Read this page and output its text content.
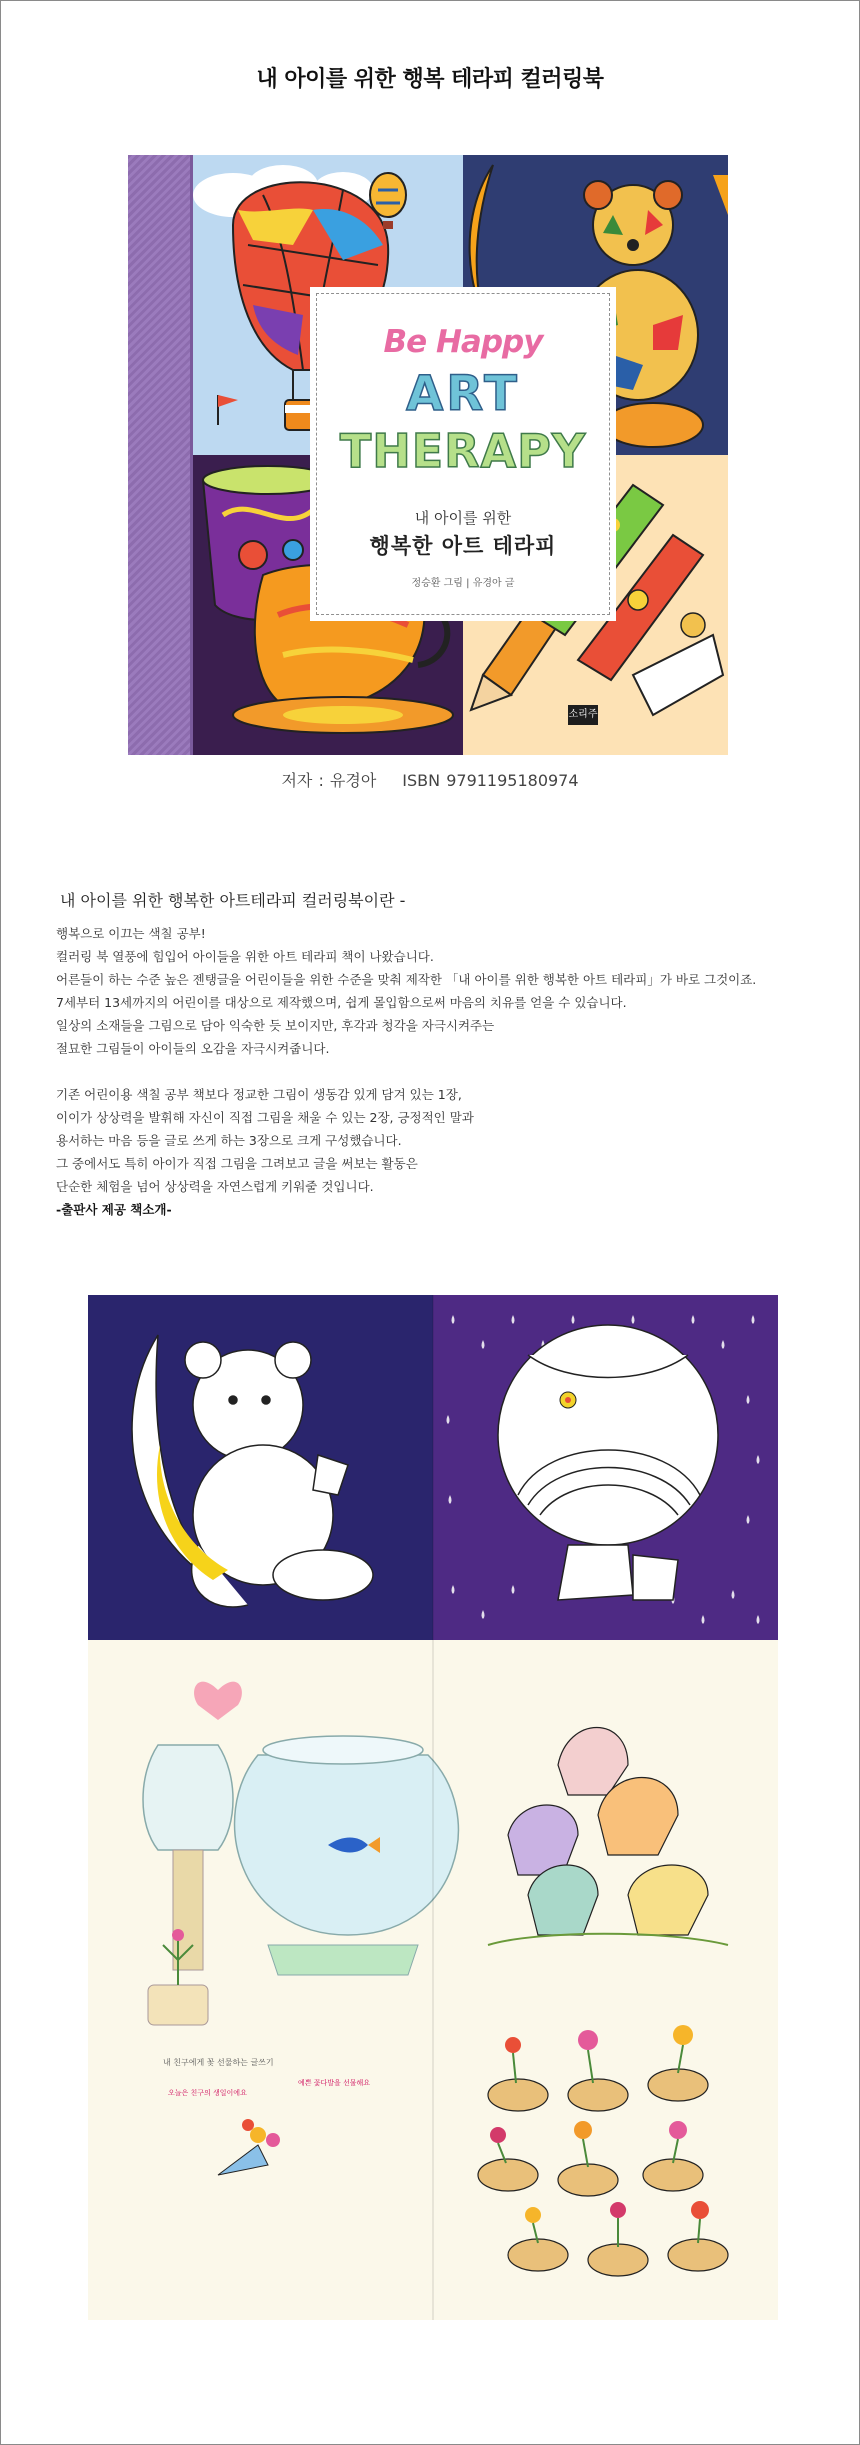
내 아이를 위한 행복 테라피 컬러링북
Be Happy
ART
THERAPY
내 아이를 위한
행복한 아트 테라피
정승환 그림 | 유경아 글
소리주
저자 : 유경아 ISBN 9791195180974
내 아이를 위한 행복한 아트테라피 컬러링북이란 -

행복으로 이끄는 색칠 공부!

컬러링 북 열풍에 힘입어 아이들을 위한 아트 테라피 책이 나왔습니다.

어른들이 하는 수준 높은 젠탱글을 어린이들을 위한 수준을 맞춰 제작한 「내 아이를 위한 행복한 아트 테라피」가 바로 그것이죠.

7세부터 13세까지의 어린이를 대상으로 제작했으며, 쉽게 몰입함으로써 마음의 치유를 얻을 수 있습니다.

일상의 소재들을 그림으로 담아 익숙한 듯 보이지만, 후각과 청각을 자극시켜주는

절묘한 그림들이 아이들의 오감을 자극시켜줍니다.

기존 어린이용 색칠 공부 책보다 정교한 그림이 생동감 있게 담겨 있는 1장,

이이가 상상력을 발휘해 자신이 직접 그림을 채울 수 있는 2장, 긍정적인 말과

용서하는 마음 등을 글로 쓰게 하는 3장으로 크게 구성했습니다.

그 중에서도 특히 아이가 직접 그림을 그려보고 글을 써보는 활동은

단순한 체험을 넘어 상상력을 자연스럽게 키워줄 것입니다.

-출판사 제공 책소개-

내 친구에게 꽃 선물하는 글쓰기
오늘은 친구의 생일이에요
예쁜 꽃다발을 선물해요
